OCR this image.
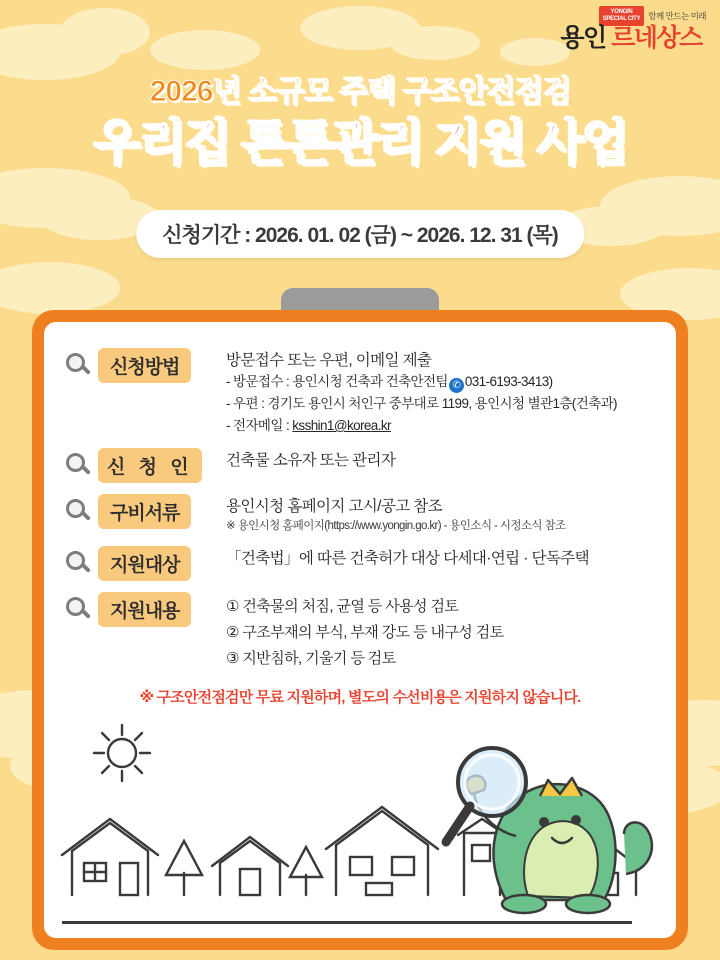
YONGIN
SPECIAL CITY 함께 만드는 미래
용인 르네상스
2026년 소규모 주택 구조안전점검
우리집 튼튼관리 지원 사업
신청기간 : 2026. 01. 02 (금) ~ 2026. 12. 31 (목)
신청방법	방문접수 또는 우편, 이메일 제출
- 방문접수 : 용인시청 건축과 건축안전팀 ✆ 031-6193-3413)
- 우편 : 경기도 용인시 처인구 중부대로 1199, 용인시청 별관1층(건축과)
- 전자메일 : ksshin1@korea.kr
신 청 인	건축물 소유자 또는 관리자
구비서류	용인시청 홈페이지 고시/공고 참조
※ 용인시청 홈페이지(https://www.yongin.go.kr) - 용인소식 - 시정소식 참조
지원대상	「건축법」에 따른 건축허가 대상 다세대·연립 · 단독주택
지원내용	① 건축물의 처짐, 균열 등 사용성 검토
② 구조부재의 부식, 부재 강도 등 내구성 검토
③ 지반침하, 기울기 등 검토
※ 구조안전점검만 무료 지원하며, 별도의 수선비용은 지원하지 않습니다.
